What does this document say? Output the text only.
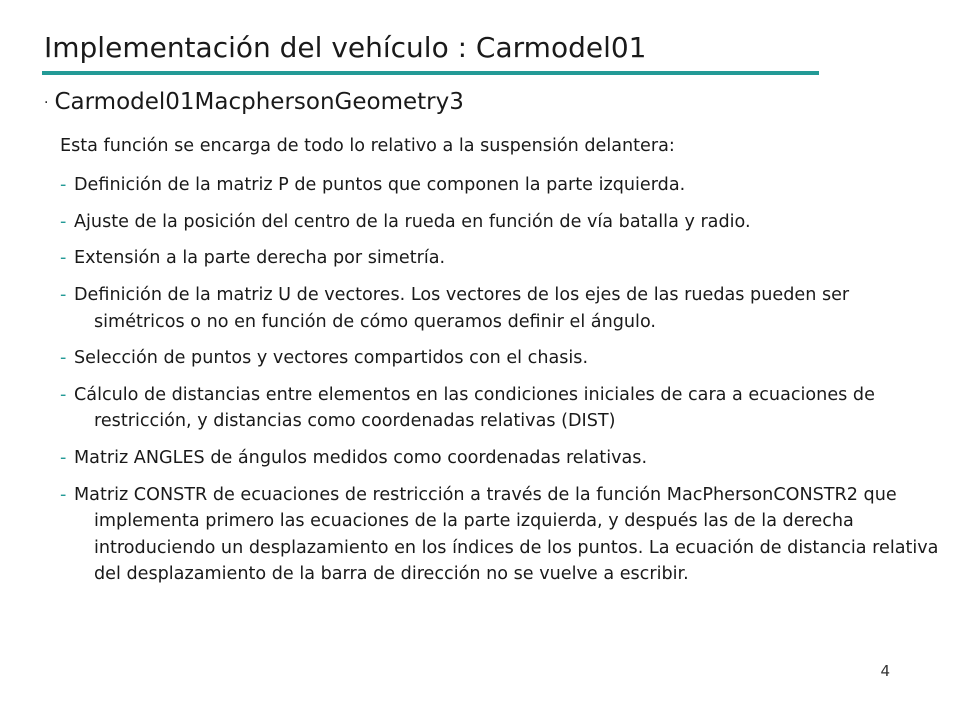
Implementación del vehículo : Carmodel01
· Carmodel01MacphersonGeometry3
Esta función se encarga de todo lo relativo a la suspensión delantera:
- Definición de la matriz P de puntos que componen la parte izquierda.
- Ajuste de la posición del centro de la rueda en función de vía batalla y radio.
- Extensión a la parte derecha por simetría.
- Definición de la matriz U de vectores. Los vectores de los ejes de las ruedas pueden ser simétricos o no en función de cómo queramos definir el ángulo.
- Selección de puntos y vectores compartidos con el chasis.
- Cálculo de distancias entre elementos en las condiciones iniciales de cara a ecuaciones de restricción, y distancias como coordenadas relativas (DIST)
- Matriz ANGLES de ángulos medidos como coordenadas relativas.
- Matriz CONSTR de ecuaciones de restricción a través de la función MacPhersonCONSTR2 que implementa primero las ecuaciones de la parte izquierda, y después las de la derecha introduciendo un desplazamiento en los índices de los puntos. La ecuación de distancia relativa del desplazamiento de la barra de dirección no se vuelve a escribir.
4
